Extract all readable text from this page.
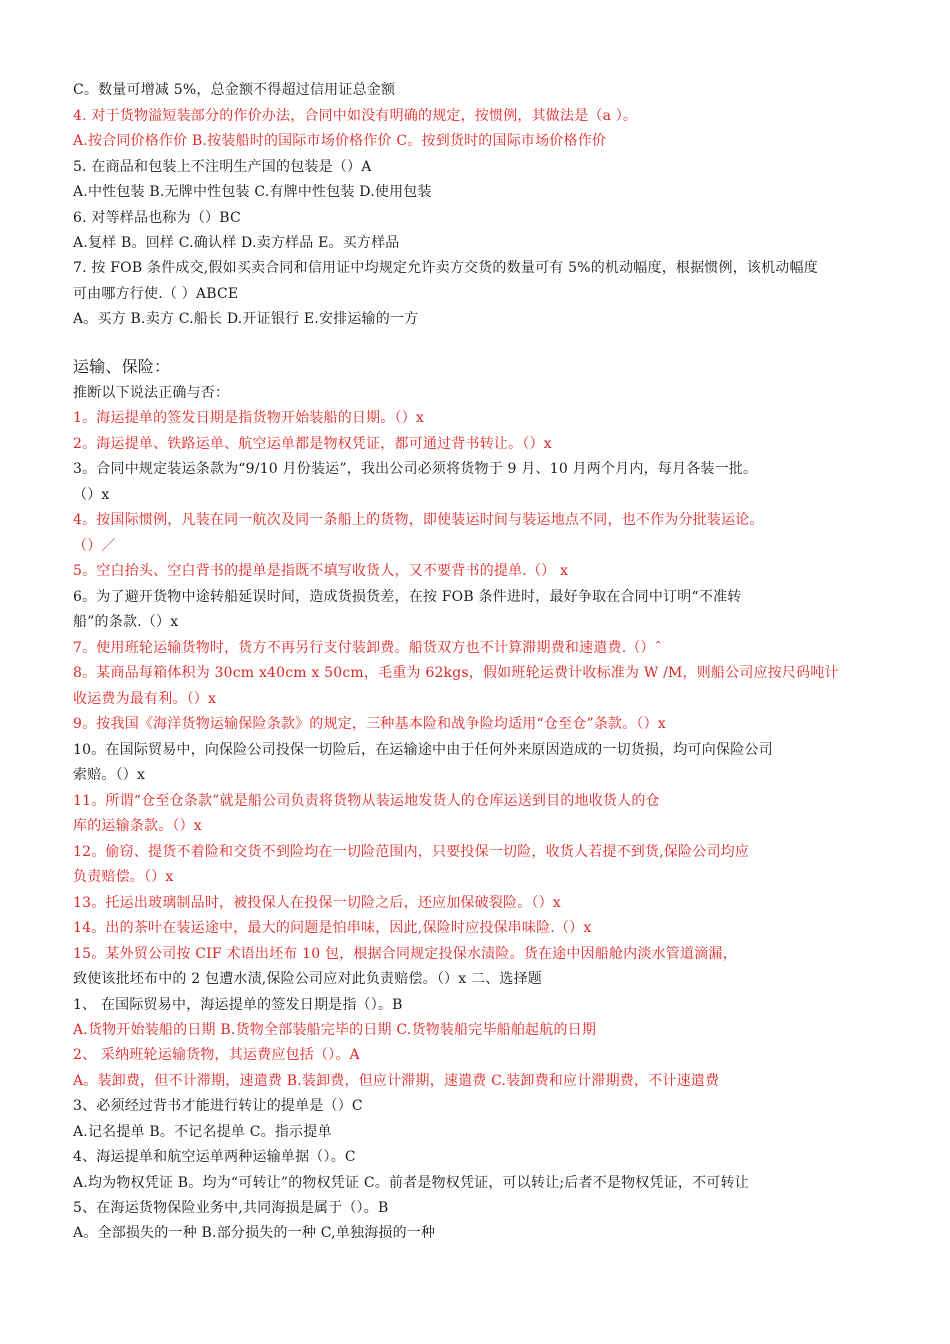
C。数量可增减 5%，总金额不得超过信用证总金额
4. 对于货物溢短装部分的作价办法，合同中如没有明确的规定，按惯例，其做法是（a ）。
A.按合同价格作价 B.按装船时的国际市场价格作价 C。按到货时的国际市场价格作价
5. 在商品和包装上不注明生产国的包装是（）A
A.中性包装 B.无牌中性包装 C.有牌中性包装 D.使用包装
6. 对等样品也称为（）BC
A.复样 B。回样 C.确认样 D.卖方样品 E。买方样品
7. 按 FOB 条件成交,假如买卖合同和信用证中均规定允许卖方交货的数量可有 5%的机动幅度，根据惯例，该机动幅度
可由哪方行使.（ ）ABCE
A。买方 B.卖方 C.船长 D.开证银行 E.安排运输的一方
运输、保险：
推断以下说法正确与否：
1。海运提单的签发日期是指货物开始装船的日期。（）x
2。海运提单、铁路运单、航空运单都是物权凭证，都可通过背书转让。（）x
3。合同中规定装运条款为“9/10 月份装运”，我出公司必须将货物于 9 月、10 月两个月内，每月各装一批。
（）x
4。按国际惯例，凡装在同一航次及同一条船上的货物，即使装运时间与装运地点不同，也不作为分批装运论。
（）／
5。空白抬头、空白背书的提单是指既不填写收货人，又不要背书的提单.（） x
6。为了避开货物中途转船延误时间，造成货损货差，在按 FOB 条件进时，最好争取在合同中订明“不准转
船”的条款.（）x
7。使用班轮运输货物时，货方不再另行支付装卸费。船货双方也不计算滞期费和速遣费.（）ˆ
8。某商品每箱体积为 30cm x40cm x 50cm，毛重为 62kgs，假如班轮运费计收标准为 W /M，则船公司应按尺码吨计
收运费为最有利。（）x
9。按我国《海洋货物运输保险条款》的规定，三种基本险和战争险均适用“仓至仓”条款。（）x
10。在国际贸易中，向保险公司投保一切险后，在运输途中由于任何外来原因造成的一切货损，均可向保险公司
索赔。（）x
11。所谓“仓至仓条款”就是船公司负责将货物从装运地发货人的仓库运送到目的地收货人的仓
库的运输条款。（）x
12。偷窃、提货不着险和交货不到险均在一切险范围内，只要投保一切险，收货人若提不到货,保险公司均应
负责赔偿。（）x
13。托运出玻璃制品时，被投保人在投保一切险之后，还应加保破裂险。（）x
14。出的茶叶在装运途中，最大的问题是怕串味，因此,保险时应投保串味险.（）x
15。某外贸公司按 CIF 术语出坯布 10 包，根据合同规定投保水渍险。货在途中因船舱内淡水管道滴漏，
致使该批坯布中的 2 包遭水渍,保险公司应对此负责赔偿。（）x 二、选择题
1、 在国际贸易中，海运提单的签发日期是指（）。B
A.货物开始装船的日期 B.货物全部装船完毕的日期 C.货物装船完毕船舶起航的日期
2、 采纳班轮运输货物，其运费应包括（）。A
A。装卸费，但不计滞期，速遣费 B.装卸费，但应计滞期，速遣费 C.装卸费和应计滞期费，不计速遣费
3、必须经过背书才能进行转让的提单是（）C
A.记名提单 B。不记名提单 C。指示提单
4、海运提单和航空运单两种运输单据（）。C
A.均为物权凭证 B。均为“可转让”的物权凭证 C。前者是物权凭证，可以转让;后者不是物权凭证，不可转让
5、在海运货物保险业务中,共同海损是属于（）。B
A。全部损失的一种 B.部分损失的一种 C,单独海损的一种
